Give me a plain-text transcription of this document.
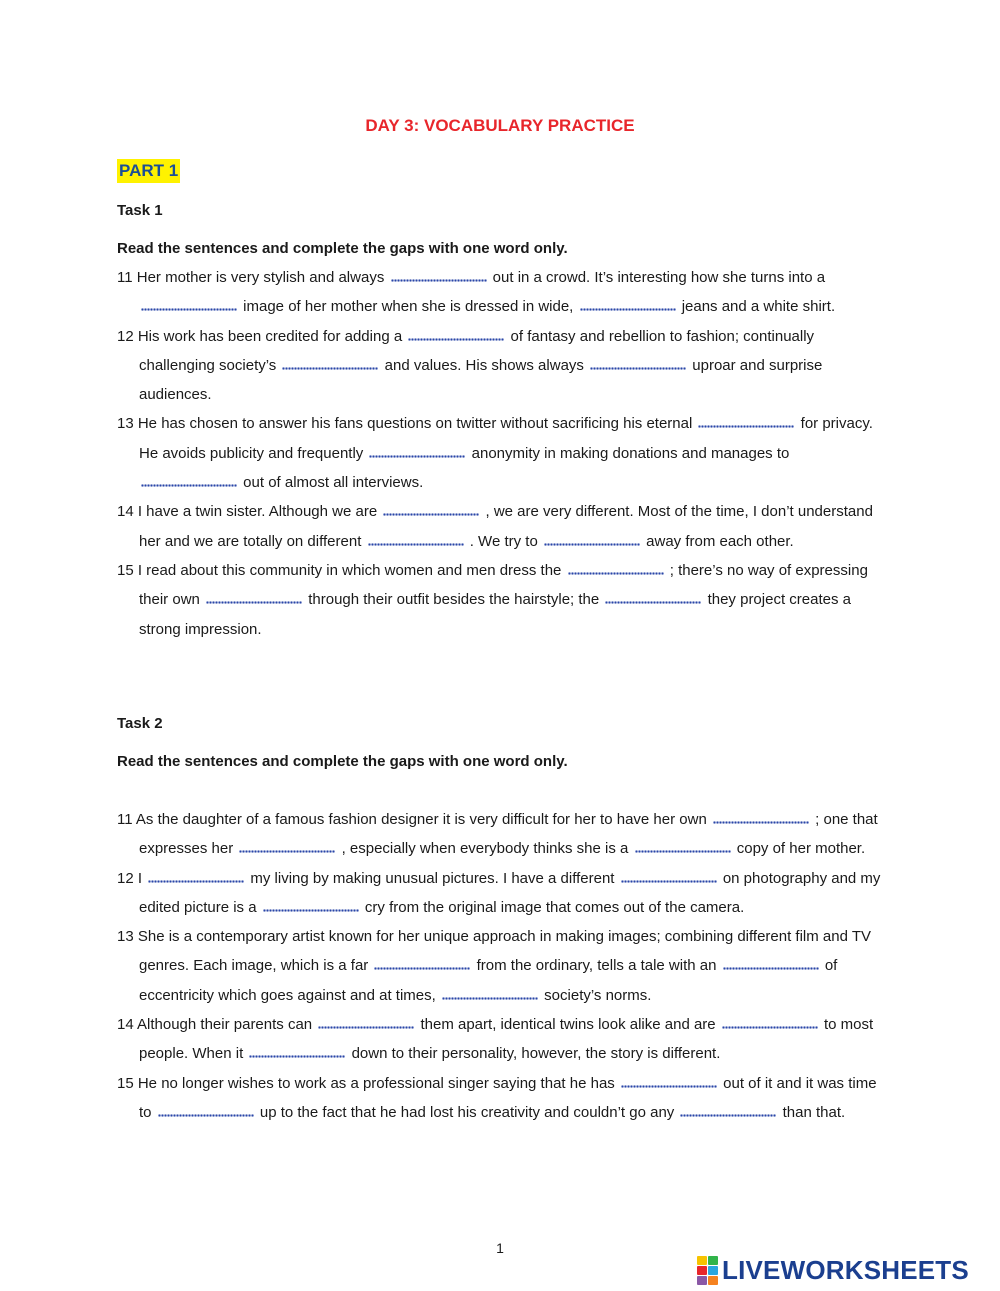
DAY 3: VOCABULARY PRACTICE
PART 1
Task 1

Read the sentences and complete the gaps with one word only.

11 Her mother is very stylish and always	out in a crowd. It’s interesting how she turns into a  image of her mother when she is dressed in wide,	jeans and a white shirt.
12 His work has been credited for adding a	of fantasy and rebellion to fashion; continually challenging society’s	and values. His shows always	uproar and surprise audiences.
13 He has chosen to answer his fans questions on twitter without sacrificing his eternal	for privacy. He avoids publicity and frequently	anonymity in making donations and manages to  out of almost all interviews.
14 I have a twin sister. Although we are	, we are very different. Most of the time, I don’t understand her and we are totally on different	. We try to	away from each other.
15 I read about this community in which women and men dress the	; there’s no way of expressing their own	through their outfit besides the hairstyle; the	they project creates a strong impression.
Task 2

Read the sentences and complete the gaps with one word only.

11 As the daughter of a famous fashion designer it is very difficult for her to have her own	; one that expresses her	, especially when everybody thinks she is a	copy of her mother.
12 I	my living by making unusual pictures. I have a different	on photography and my edited picture is a	cry from the original image that comes out of the camera.
13 She is a contemporary artist known for her unique approach in making images; combining different film and TV genres. Each image, which is a far	from the ordinary, tells a tale with an	of eccentricity which goes against and at times,	society’s norms.
14 Although their parents can	them apart, identical twins look alike and are	to most people. When it	down to their personality, however, the story is different.
15 He no longer wishes to work as a professional singer saying that he has	out of it and it was time to	up to the fact that he had lost his creativity and couldn’t go any	than that.

1

LIVEWORKSHEETS
